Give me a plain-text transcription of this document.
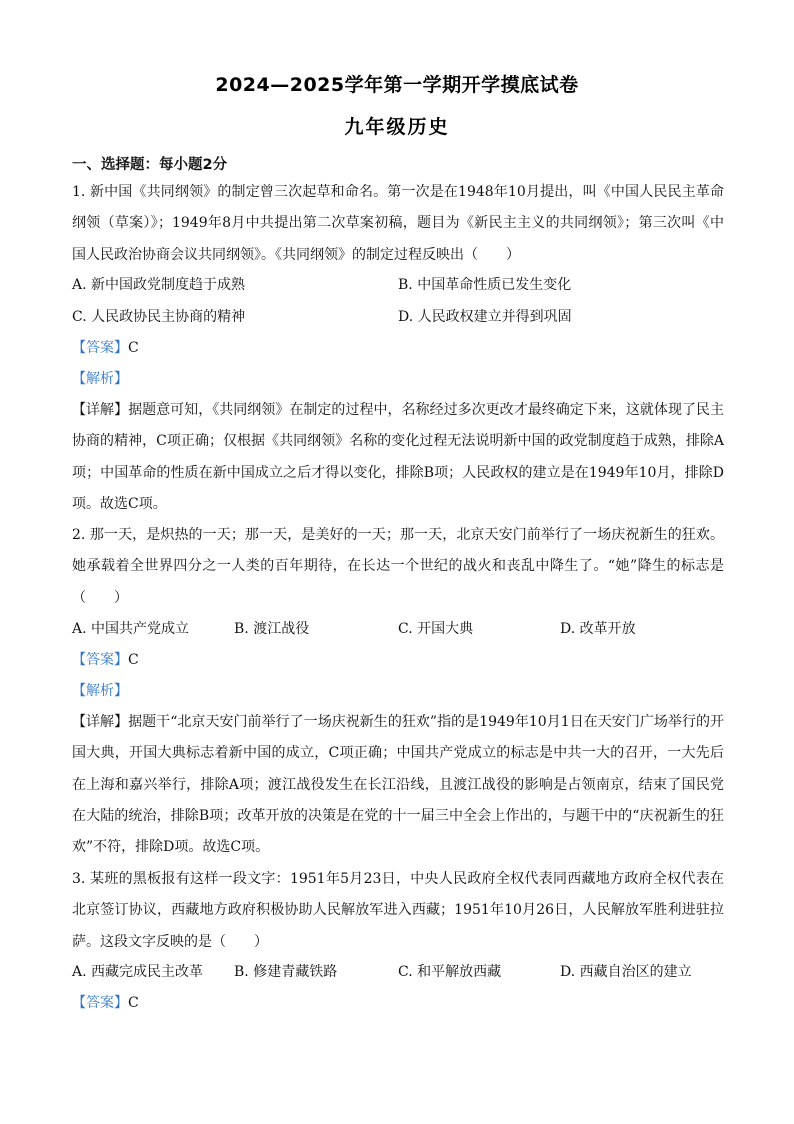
2024—2025学年第一学期开学摸底试卷
九年级历史
一、选择题：每小题2分
1. 新中国《共同纲领》的制定曾三次起草和命名。第一次是在1948年10月提出，叫《中国人民民主革命纲领（草案）》；1949年8月中共提出第二次草案初稿，题目为《新民主主义的共同纲领》；第三次叫《中国人民政治协商会议共同纲领》。《共同纲领》的制定过程反映出（　　）
A. 新中国政党制度趋于成熟	B. 中国革命性质已发生变化
C. 人民政协民主协商的精神	D. 人民政权建立并得到巩固
【答案】C
【解析】
【详解】据题意可知，《共同纲领》在制定的过程中，名称经过多次更改才最终确定下来，这就体现了民主协商的精神，C项正确；仅根据《共同纲领》名称的变化过程无法说明新中国的政党制度趋于成熟，排除A项；中国革命的性质在新中国成立之后才得以变化，排除B项；人民政权的建立是在1949年10月，排除D项。故选C项。
2. 那一天，是炽热的一天；那一天，是美好的一天；那一天，北京天安门前举行了一场庆祝新生的狂欢。她承载着全世界四分之一人类的百年期待，在长达一个世纪的战火和丧乱中降生了。“她”降生的标志是（　　）
A. 中国共产党成立	B. 渡江战役	C. 开国大典	D. 改革开放
【答案】C
【解析】
【详解】据题干“北京天安门前举行了一场庆祝新生的狂欢”指的是1949年10月1日在天安门广场举行的开国大典，开国大典标志着新中国的成立，C项正确；中国共产党成立的标志是中共一大的召开，一大先后在上海和嘉兴举行，排除A项；渡江战役发生在长江沿线，且渡江战役的影响是占领南京，结束了国民党在大陆的统治，排除B项；改革开放的决策是在党的十一届三中全会上作出的，与题干中的“庆祝新生的狂欢”不符，排除D项。故选C项。
3. 某班的黑板报有这样一段文字：1951年5月23日，中央人民政府全权代表同西藏地方政府全权代表在北京签订协议，西藏地方政府积极协助人民解放军进入西藏；1951年10月26日，人民解放军胜利进驻拉萨。这段文字反映的是（　　）
A. 西藏完成民主改革 B. 修建青藏铁路	C. 和平解放西藏	D. 西藏自治区的建立
【答案】C
